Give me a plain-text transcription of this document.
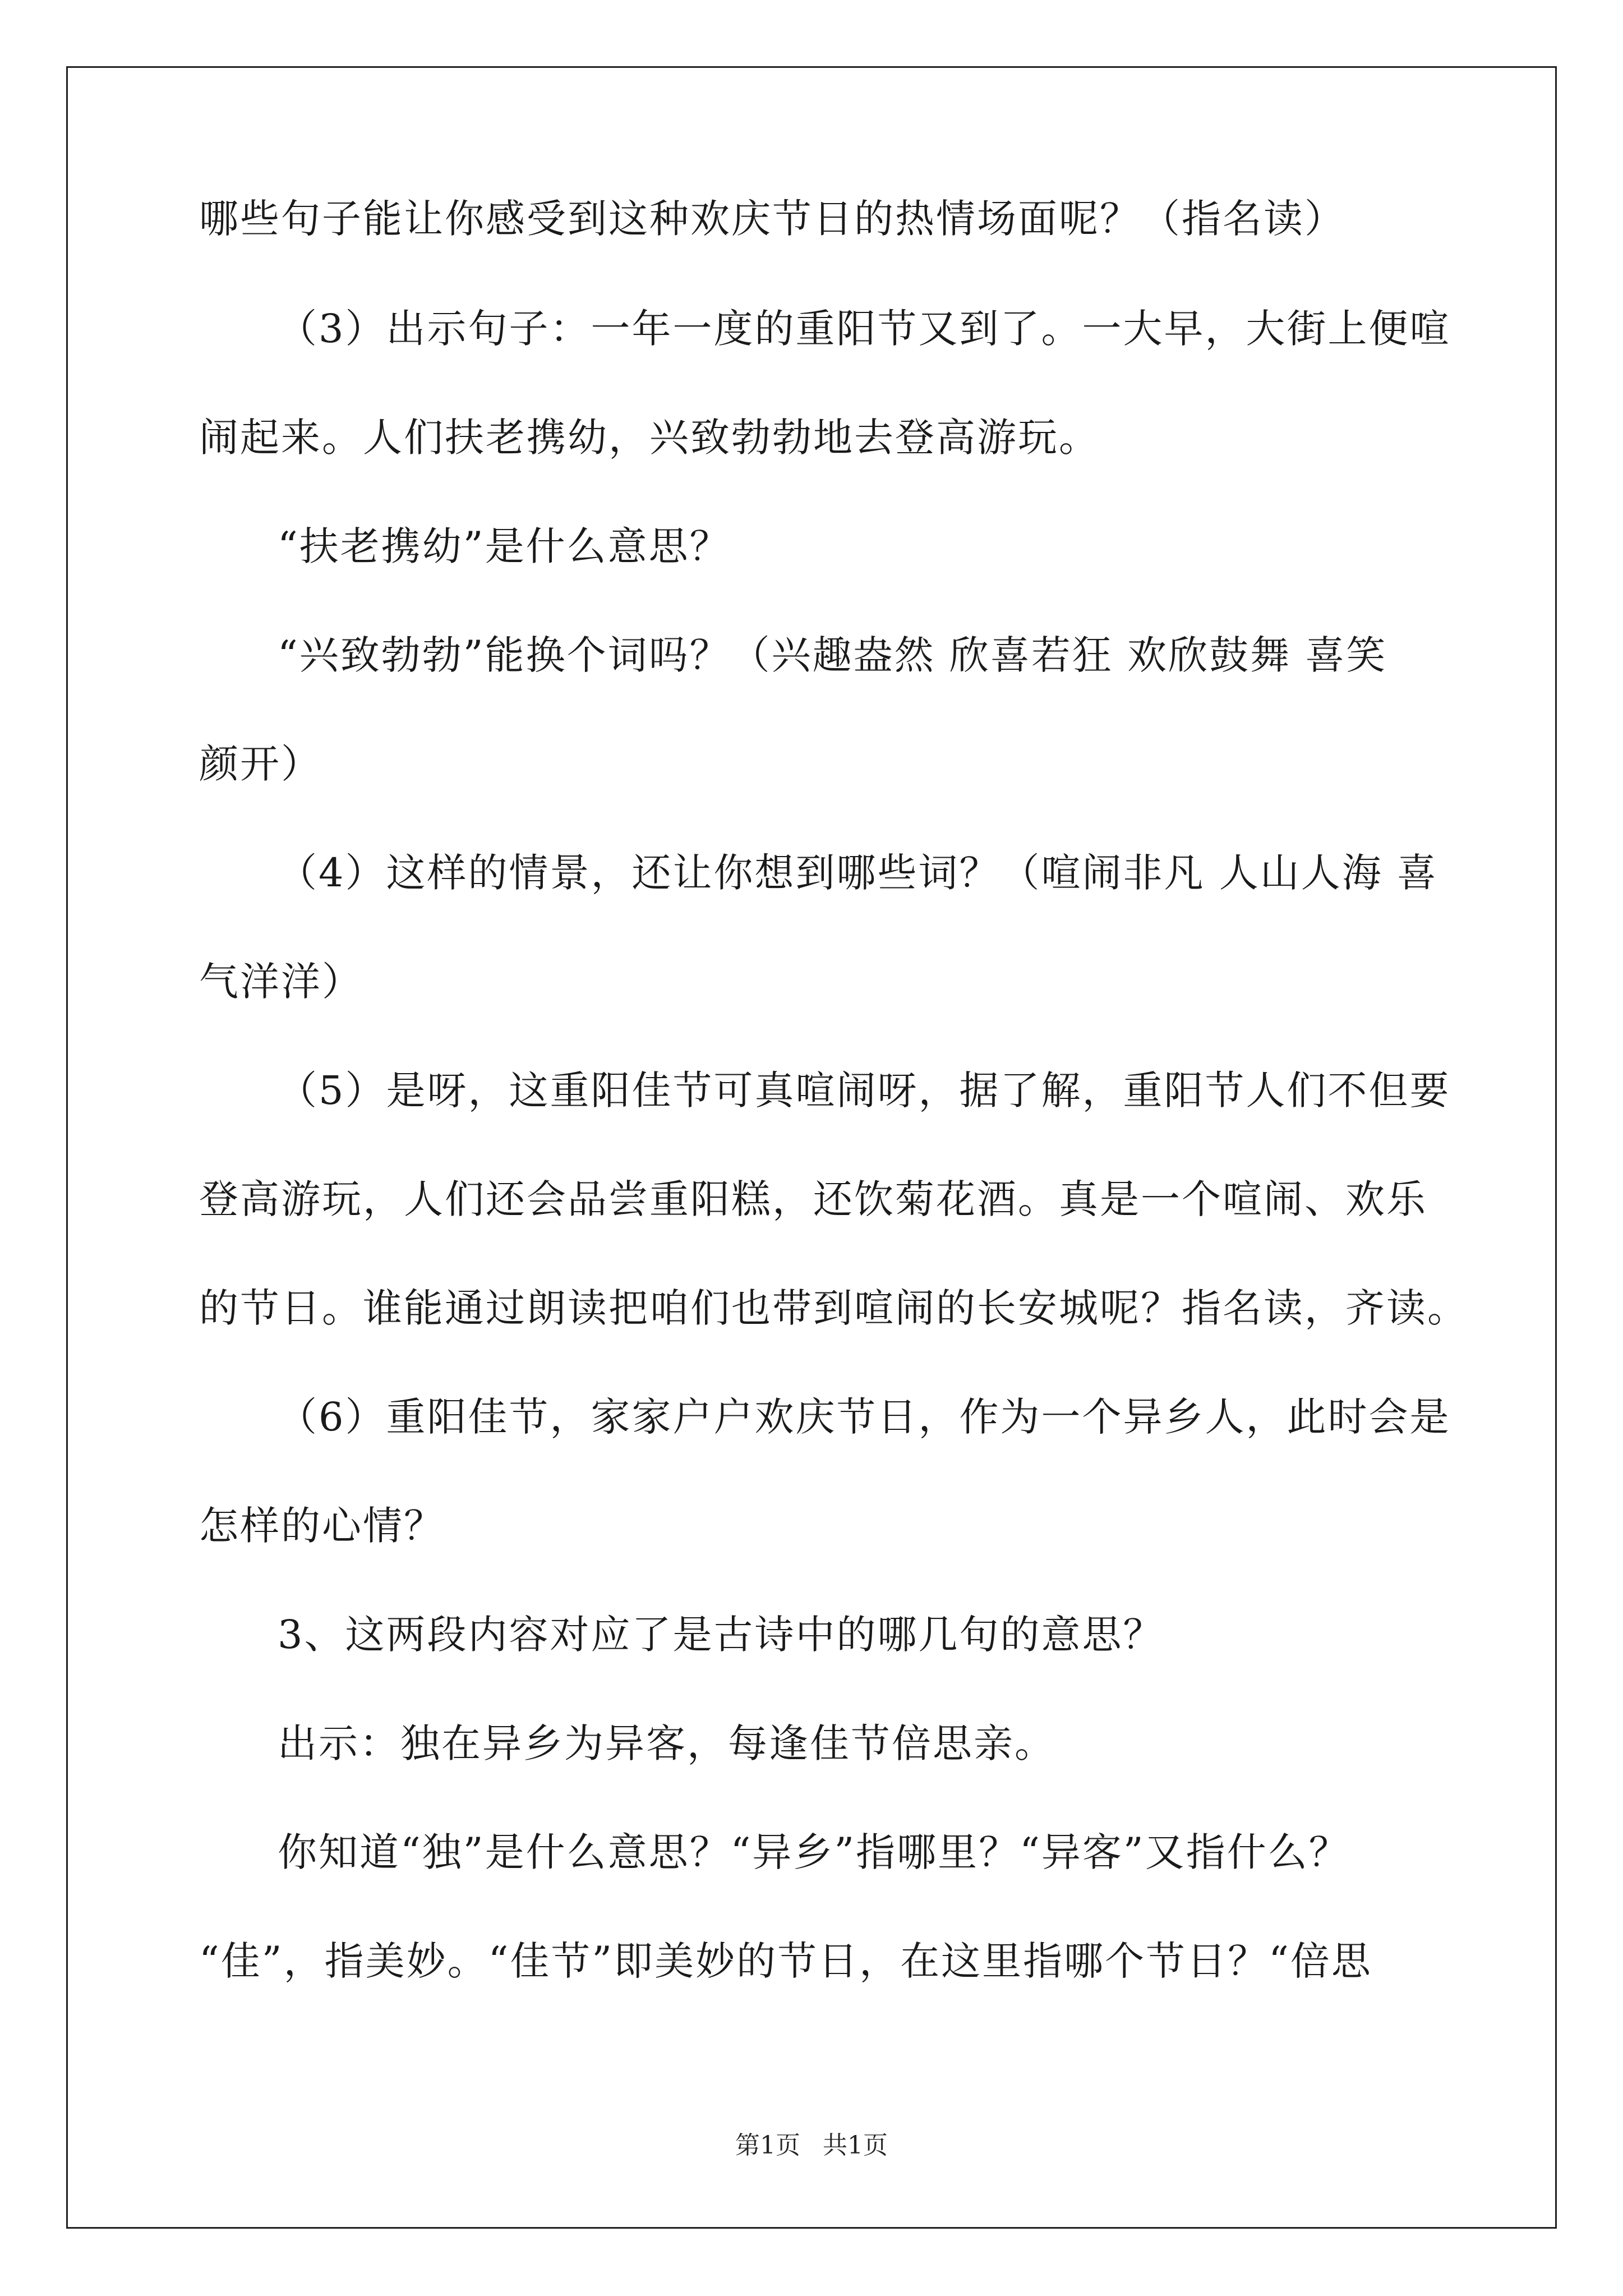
哪些句子能让你感受到这种欢庆节日的热情场面呢？（指名读）
（3）出示句子：一年一度的重阳节又到了。一大早，大街上便喧
闹起来。人们扶老携幼，兴致勃勃地去登高游玩。
“扶老携幼”是什么意思？
“兴致勃勃”能换个词吗？（兴趣盎然 欣喜若狂 欢欣鼓舞 喜笑
颜开）
（4）这样的情景，还让你想到哪些词？（喧闹非凡 人山人海 喜
气洋洋）
（5）是呀，这重阳佳节可真喧闹呀，据了解，重阳节人们不但要
登高游玩，人们还会品尝重阳糕，还饮菊花酒。真是一个喧闹、欢乐
的节日。谁能通过朗读把咱们也带到喧闹的长安城呢？指名读，齐读。
（6）重阳佳节，家家户户欢庆节日，作为一个异乡人，此时会是
怎样的心情？
3、这两段内容对应了是古诗中的哪几句的意思？
出示：独在异乡为异客，每逢佳节倍思亲。
你知道“独”是什么意思？“异乡”指哪里？“异客”又指什么？
“佳”，指美妙。“佳节”即美妙的节日，在这里指哪个节日？“倍思
第1页 共1页
